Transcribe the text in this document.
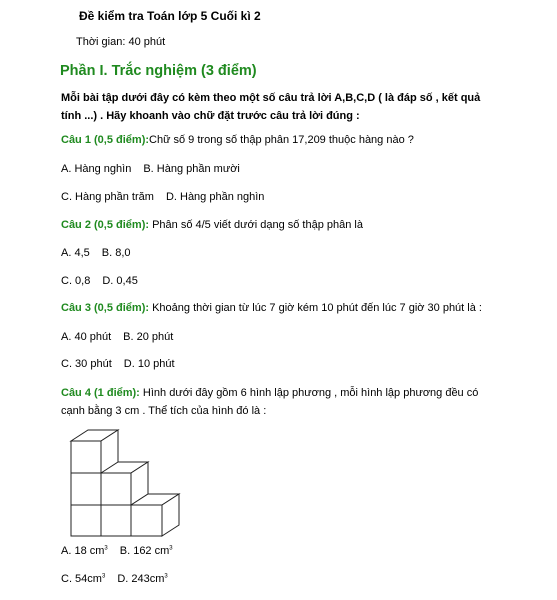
Đề kiểm tra Toán lớp 5 Cuối kì 2
Thời gian: 40 phút
Phần I. Trắc nghiệm (3 điểm)
Mỗi bài tập dưới đây có kèm theo một số câu trả lời A,B,C,D ( là đáp số , kết quả tính ...) . Hãy khoanh vào chữ đặt trước câu trả lời đúng :
Câu 1 (0,5 điểm):Chữ số 9 trong số thập phân 17,209 thuộc hàng nào ?
A. Hàng nghìn B. Hàng phần mười
C. Hàng phần trăm D. Hàng phần nghìn
Câu 2 (0,5 điểm): Phân số 4/5 viết dưới dạng số thập phân là
A. 4,5 B. 8,0
C. 0,8 D. 0,45
Câu 3 (0,5 điểm): Khoảng thời gian từ lúc 7 giờ kém 10 phút đến lúc 7 giờ 30 phút là :
A. 40 phút B. 20 phút
C. 30 phút D. 10 phút
Câu 4 (1 điểm): Hình dưới đây gồm 6 hình lập phương , mỗi hình lập phương đều có cạnh bằng 3 cm . Thể tích của hình đó là :
A. 18 $cm^3$ B. 162 $cm^3$
C. $54cm^3$ D. $243cm^3$
